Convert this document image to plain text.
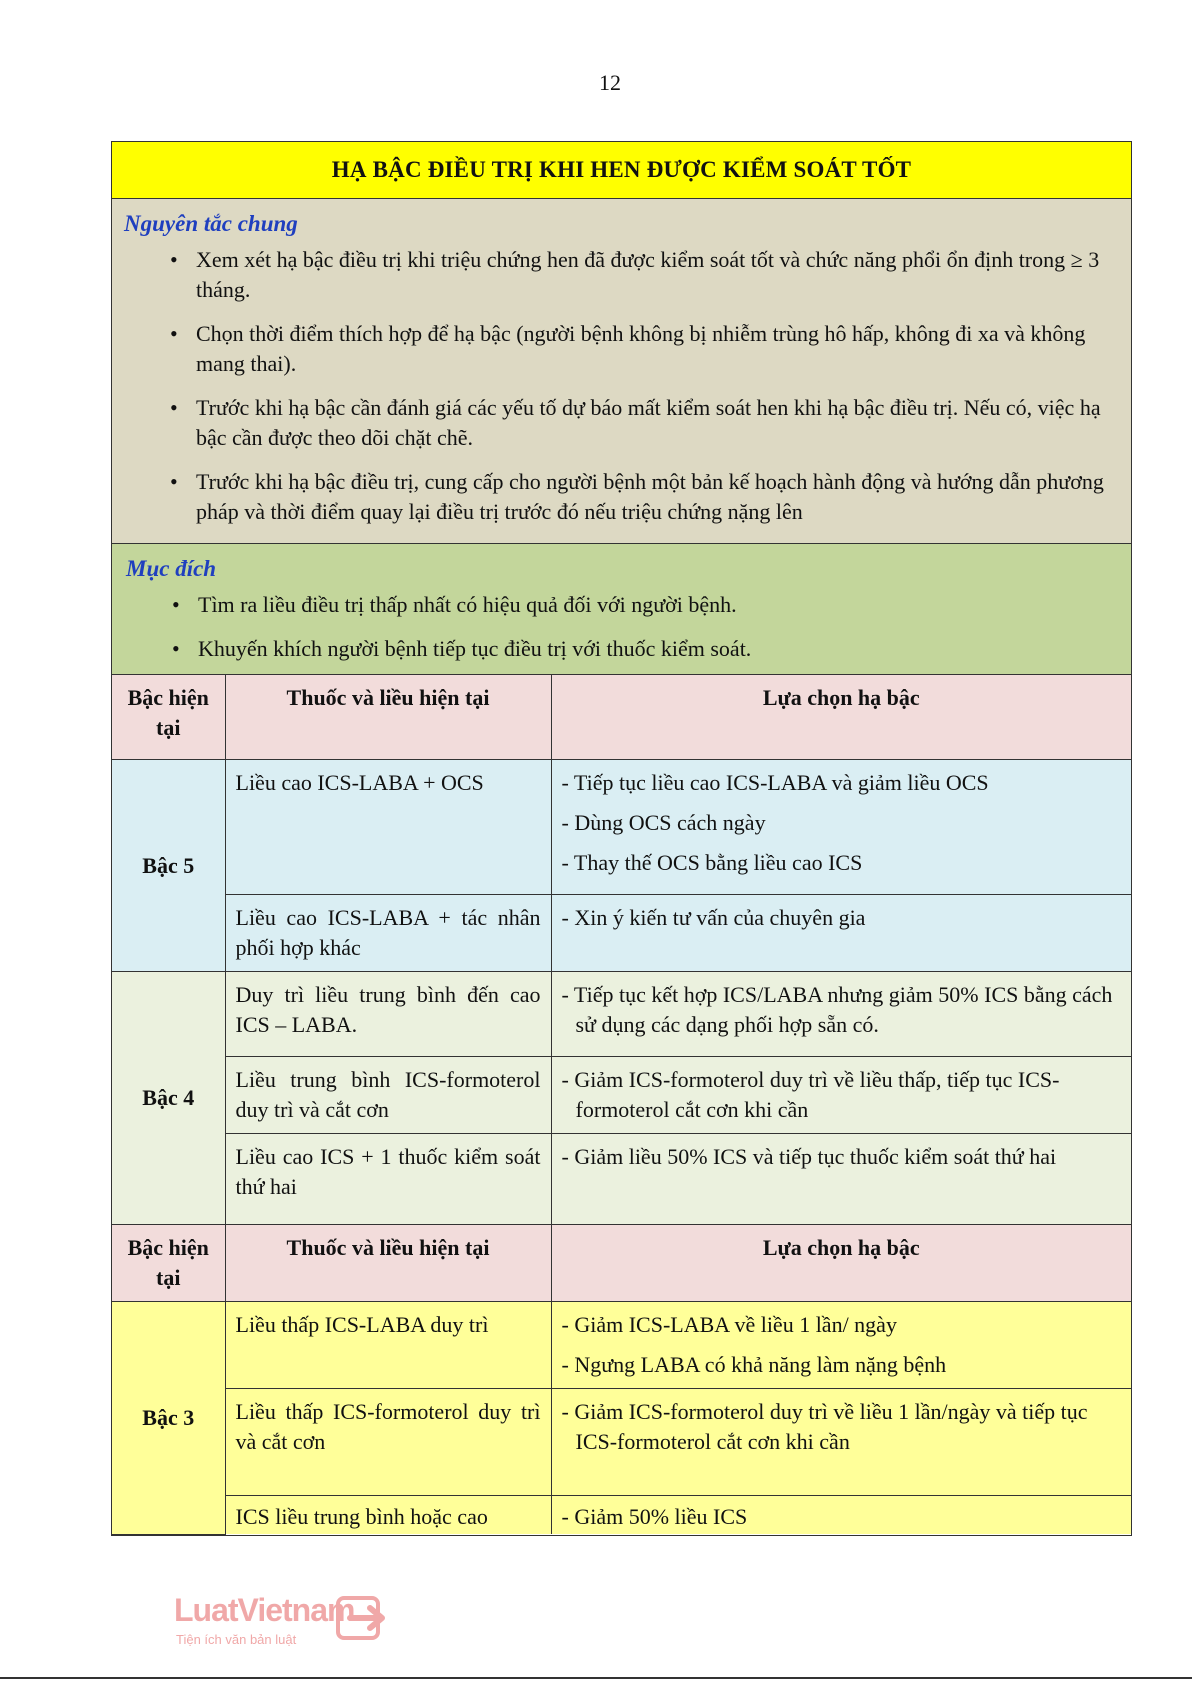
12
HẠ BẬC ĐIỀU TRỊ KHI HEN ĐƯỢC KIỂM SOÁT TỐT
Nguyên tắc chung
• Xem xét hạ bậc điều trị khi triệu chứng hen đã được kiểm soát tốt và chức năng phổi ổn định trong ≥ 3 tháng.
• Chọn thời điểm thích hợp để hạ bậc (người bệnh không bị nhiễm trùng hô hấp, không đi xa và không mang thai).
• Trước khi hạ bậc cần đánh giá các yếu tố dự báo mất kiểm soát hen khi hạ bậc điều trị. Nếu có, việc hạ bậc cần được theo dõi chặt chẽ.
• Trước khi hạ bậc điều trị, cung cấp cho người bệnh một bản kế hoạch hành động và hướng dẫn phương pháp và thời điểm quay lại điều trị trước đó nếu triệu chứng nặng lên
Mục đích
• Tìm ra liều điều trị thấp nhất có hiệu quả đối với người bệnh.
• Khuyến khích người bệnh tiếp tục điều trị với thuốc kiểm soát.
Bậc hiện tại	Thuốc và liều hiện tại	Lựa chọn hạ bậc
Bậc 5	Liều cao ICS-LABA + OCS	- Tiếp tục liều cao ICS-LABA và giảm liều OCS
- Dùng OCS cách ngày
- Thay thế OCS bằng liều cao ICS

	Liều cao ICS-LABA + tác nhân phối hợp khác	- Xin ý kiến tư vấn của chuyên gia

Bậc 4	Duy trì liều trung bình đến cao ICS – LABA.	- Tiếp tục kết hợp ICS/LABA nhưng giảm 50% ICS bằng cách sử dụng các dạng phối hợp sẵn có.

	Liều trung bình ICS-formoterol duy trì và cắt cơn	- Giảm ICS-formoterol duy trì về liều thấp, tiếp tục ICS-formoterol cắt cơn khi cần

	Liều cao ICS + 1 thuốc kiểm soát thứ hai	- Giảm liều 50% ICS và tiếp tục thuốc kiểm soát thứ hai

Bậc hiện tại	Thuốc và liều hiện tại	Lựa chọn hạ bậc
Bậc 3	Liều thấp ICS-LABA duy trì	- Giảm ICS-LABA về liều 1 lần/ ngày
- Ngưng LABA có khả năng làm nặng bệnh

	Liều thấp ICS-formoterol duy trì và cắt cơn	- Giảm ICS-formoterol duy trì về liều 1 lần/ngày và tiếp tục ICS-formoterol cắt cơn khi cần

	ICS liều trung bình hoặc cao	- Giảm 50% liều ICS
LuatVietnam
Tiện ích văn bản luật
